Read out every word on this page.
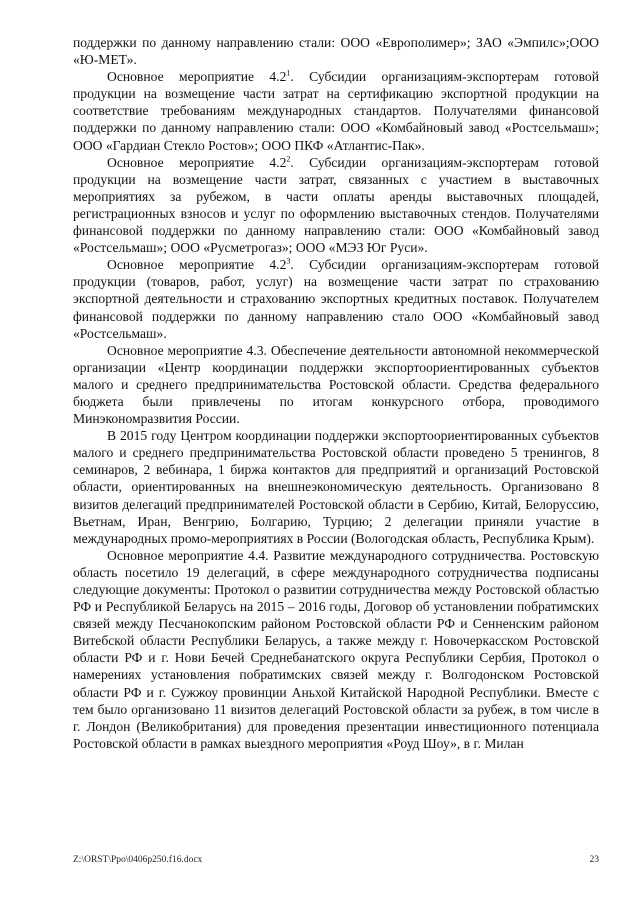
поддержки по данному направлению стали: ООО «Европолимер»; ЗАО «Эмпилс»;ООО «Ю-МЕТ».

Основное мероприятие $4.2^1$. Субсидии организациям-экспортерам готовой продукции на возмещение части затрат на сертификацию экспортной продукции на соответствие требованиям международных стандартов. Получателями финансовой поддержки по данному направлению стали: ООО «Комбайновый завод «Ростсельмаш»; ООО «Гардиан Стекло Ростов»; ООО ПКФ «Атлантис-Пак».

Основное мероприятие $4.2^2$. Субсидии организациям-экспортерам готовой продукции на возмещение части затрат, связанных с участием в выставочных мероприятиях за рубежом, в части оплаты аренды выставочных площадей, регистрационных взносов и услуг по оформлению выставочных стендов. Получателями финансовой поддержки по данному направлению стали: ООО «Комбайновый завод «Ростсельмаш»; ООО «Русметрогаз»; ООО «МЭЗ Юг Руси».

Основное мероприятие $4.2^3$. Субсидии организациям-экспортерам готовой продукции (товаров, работ, услуг) на возмещение части затрат по страхованию экспортной деятельности и страхованию экспортных кредитных поставок. Получателем финансовой поддержки по данному направлению стало ООО «Комбайновый завод «Ростсельмаш».

Основное мероприятие 4.3. Обеспечение деятельности автономной некоммерческой организации «Центр координации поддержки экспортоориентированных субъектов малого и среднего предпринимательства Ростовской области. Средства федерального бюджета были привлечены по итогам конкурсного отбора, проводимого Минэкономразвития России.

В 2015 году Центром координации поддержки экспортоориентированных субъектов малого и среднего предпринимательства Ростовской области проведено 5 тренингов, 8 семинаров, 2 вебинара, 1 биржа контактов для предприятий и организаций Ростовской области, ориентированных на внешнеэкономическую деятельность. Организовано 8 визитов делегаций предпринимателей Ростовской области в Сербию, Китай, Белоруссию, Вьетнам, Иран, Венгрию, Болгарию, Турцию; 2 делегации приняли участие в международных промо-мероприятиях в России (Вологодская область, Республика Крым).

Основное мероприятие 4.4. Развитие международного сотрудничества. Ростовскую область посетило 19 делегаций, в сфере международного сотрудничества подписаны следующие документы: Протокол о развитии сотрудничества между Ростовской областью РФ и Республикой Беларусь на 2015 – 2016 годы, Договор об установлении побратимских связей между Песчанокопским районом Ростовской области РФ и Сенненским районом Витебской области Республики Беларусь, а также между г. Новочеркасском Ростовской области РФ и г. Нови Бечей Среднебанатского округа Республики Сербия, Протокол о намерениях установления побратимских связей между г. Волгодонском Ростовской области РФ и г. Сужжоу провинции Аньхой Китайской Народной Республики. Вместе с тем было организовано 11 визитов делегаций Ростовской области за рубеж, в том числе в г. Лондон (Великобритания) для проведения презентации инвестиционного потенциала Ростовской области в рамках выездного мероприятия «Роуд Шоу», в г. Милан

Z:\ORST\Ppo\0406p250.f16.docx	23
